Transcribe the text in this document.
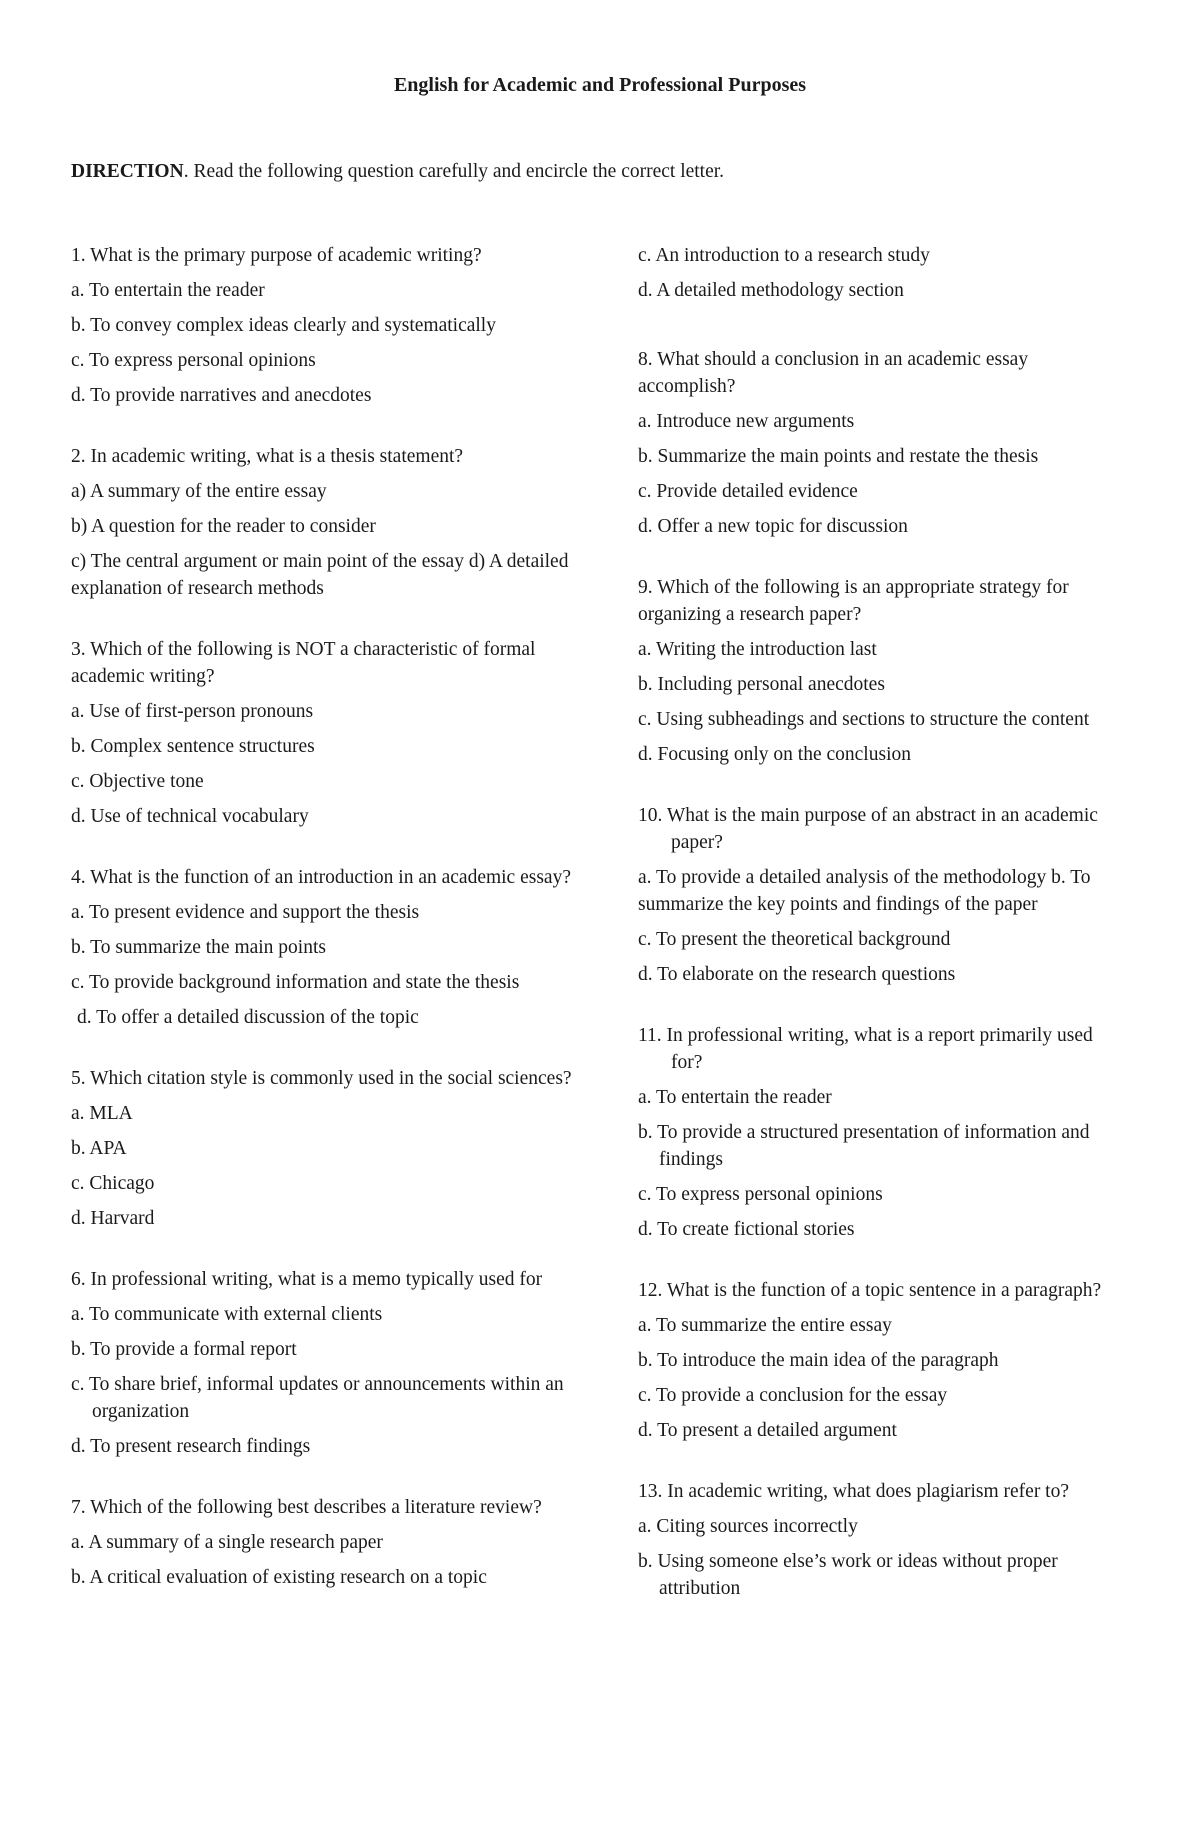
English for Academic and Professional Purposes
DIRECTION. Read the following question carefully and encircle the correct letter.
1. What is the primary purpose of academic writing?
a. To entertain the reader
b. To convey complex ideas clearly and systematically
c. To express personal opinions
d. To provide narratives and anecdotes
2. In academic writing, what is a thesis statement?
a) A summary of the entire essay
b) A question for the reader to consider
c) The central argument or main point of the essay d) A detailed explanation of research methods
3. Which of the following is NOT a characteristic of formal academic writing?
a. Use of first-person pronouns
b. Complex sentence structures
c. Objective tone
d. Use of technical vocabulary
4. What is the function of an introduction in an academic essay?
a. To present evidence and support the thesis
b. To summarize the main points
c. To provide background information and state the thesis
d. To offer a detailed discussion of the topic
5. Which citation style is commonly used in the social sciences?
a. MLA
b. APA
c. Chicago
d. Harvard
6. In professional writing, what is a memo typically used for
a. To communicate with external clients
b. To provide a formal report
c. To share brief, informal updates or announcements within an organization
d. To present research findings
7. Which of the following best describes a literature review?
a. A summary of a single research paper
b. A critical evaluation of existing research on a topic
c. An introduction to a research study
d. A detailed methodology section
8. What should a conclusion in an academic essay accomplish?
a. Introduce new arguments
b. Summarize the main points and restate the thesis
c. Provide detailed evidence
d. Offer a new topic for discussion
9. Which of the following is an appropriate strategy for organizing a research paper?
a. Writing the introduction last
b. Including personal anecdotes
c. Using subheadings and sections to structure the content
d. Focusing only on the conclusion
10. What is the main purpose of an abstract in an academic paper?
a. To provide a detailed analysis of the methodology b. To summarize the key points and findings of the paper
c. To present the theoretical background
d. To elaborate on the research questions
11. In professional writing, what is a report primarily used for?
a. To entertain the reader
b. To provide a structured presentation of information and findings
c. To express personal opinions
d. To create fictional stories
12. What is the function of a topic sentence in a paragraph?
a. To summarize the entire essay
b. To introduce the main idea of the paragraph
c. To provide a conclusion for the essay
d. To present a detailed argument
13. In academic writing, what does plagiarism refer to?
a. Citing sources incorrectly
b. Using someone else’s work or ideas without proper attribution
